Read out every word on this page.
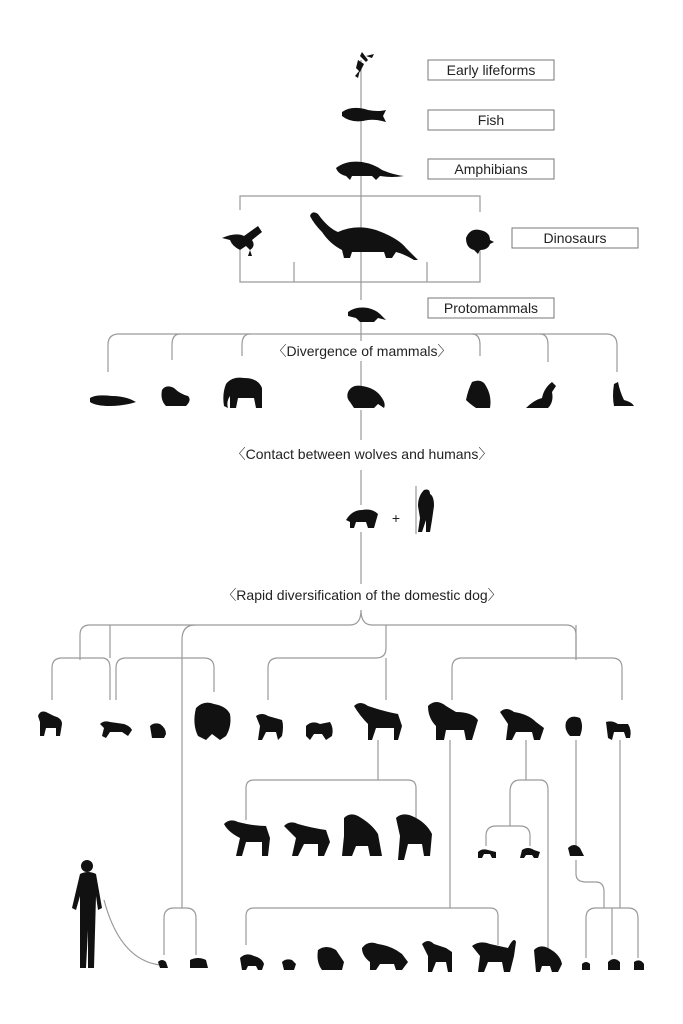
Early lifeforms
Fish
Amphibians
Dinosaurs
Protomammals
〈Divergence of mammals〉
〈Contact between wolves and humans〉
〈Rapid diversification of the domestic dog〉
+
